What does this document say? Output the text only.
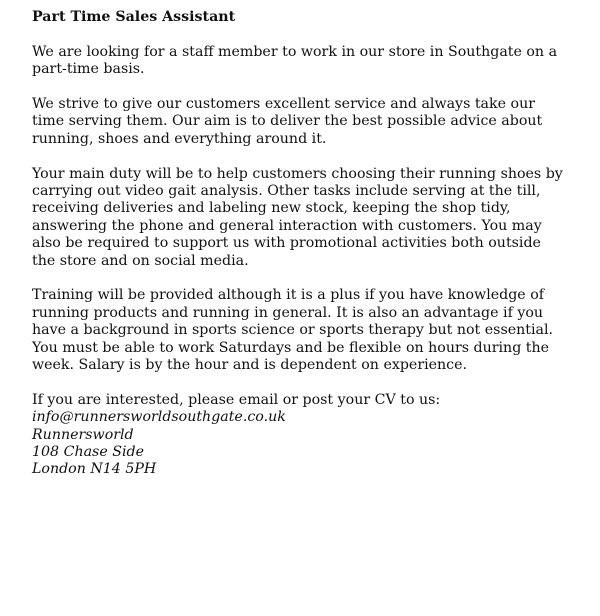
Part Time Sales Assistant

We are looking for a staff member to work in our store in Southgate on a part-time basis.

We strive to give our customers excellent service and always take our time serving them. Our aim is to deliver the best possible advice about running, shoes and everything around it.

Your main duty will be to help customers choosing their running shoes by carrying out video gait analysis. Other tasks include serving at the till, receiving deliveries and labeling new stock, keeping the shop tidy, answering the phone and general interaction with customers. You may also be required to support us with promotional activities both outside the store and on social media.

Training will be provided although it is a plus if you have knowledge of running products and running in general. It is also an advantage if you have a background in sports science or sports therapy but not essential. You must be able to work Saturdays and be flexible on hours during the week. Salary is by the hour and is dependent on experience.

If you are interested, please email or post your CV to us:

info@runnersworldsouthgate.co.uk

Runnersworld

108 Chase Side

London N14 5PH
